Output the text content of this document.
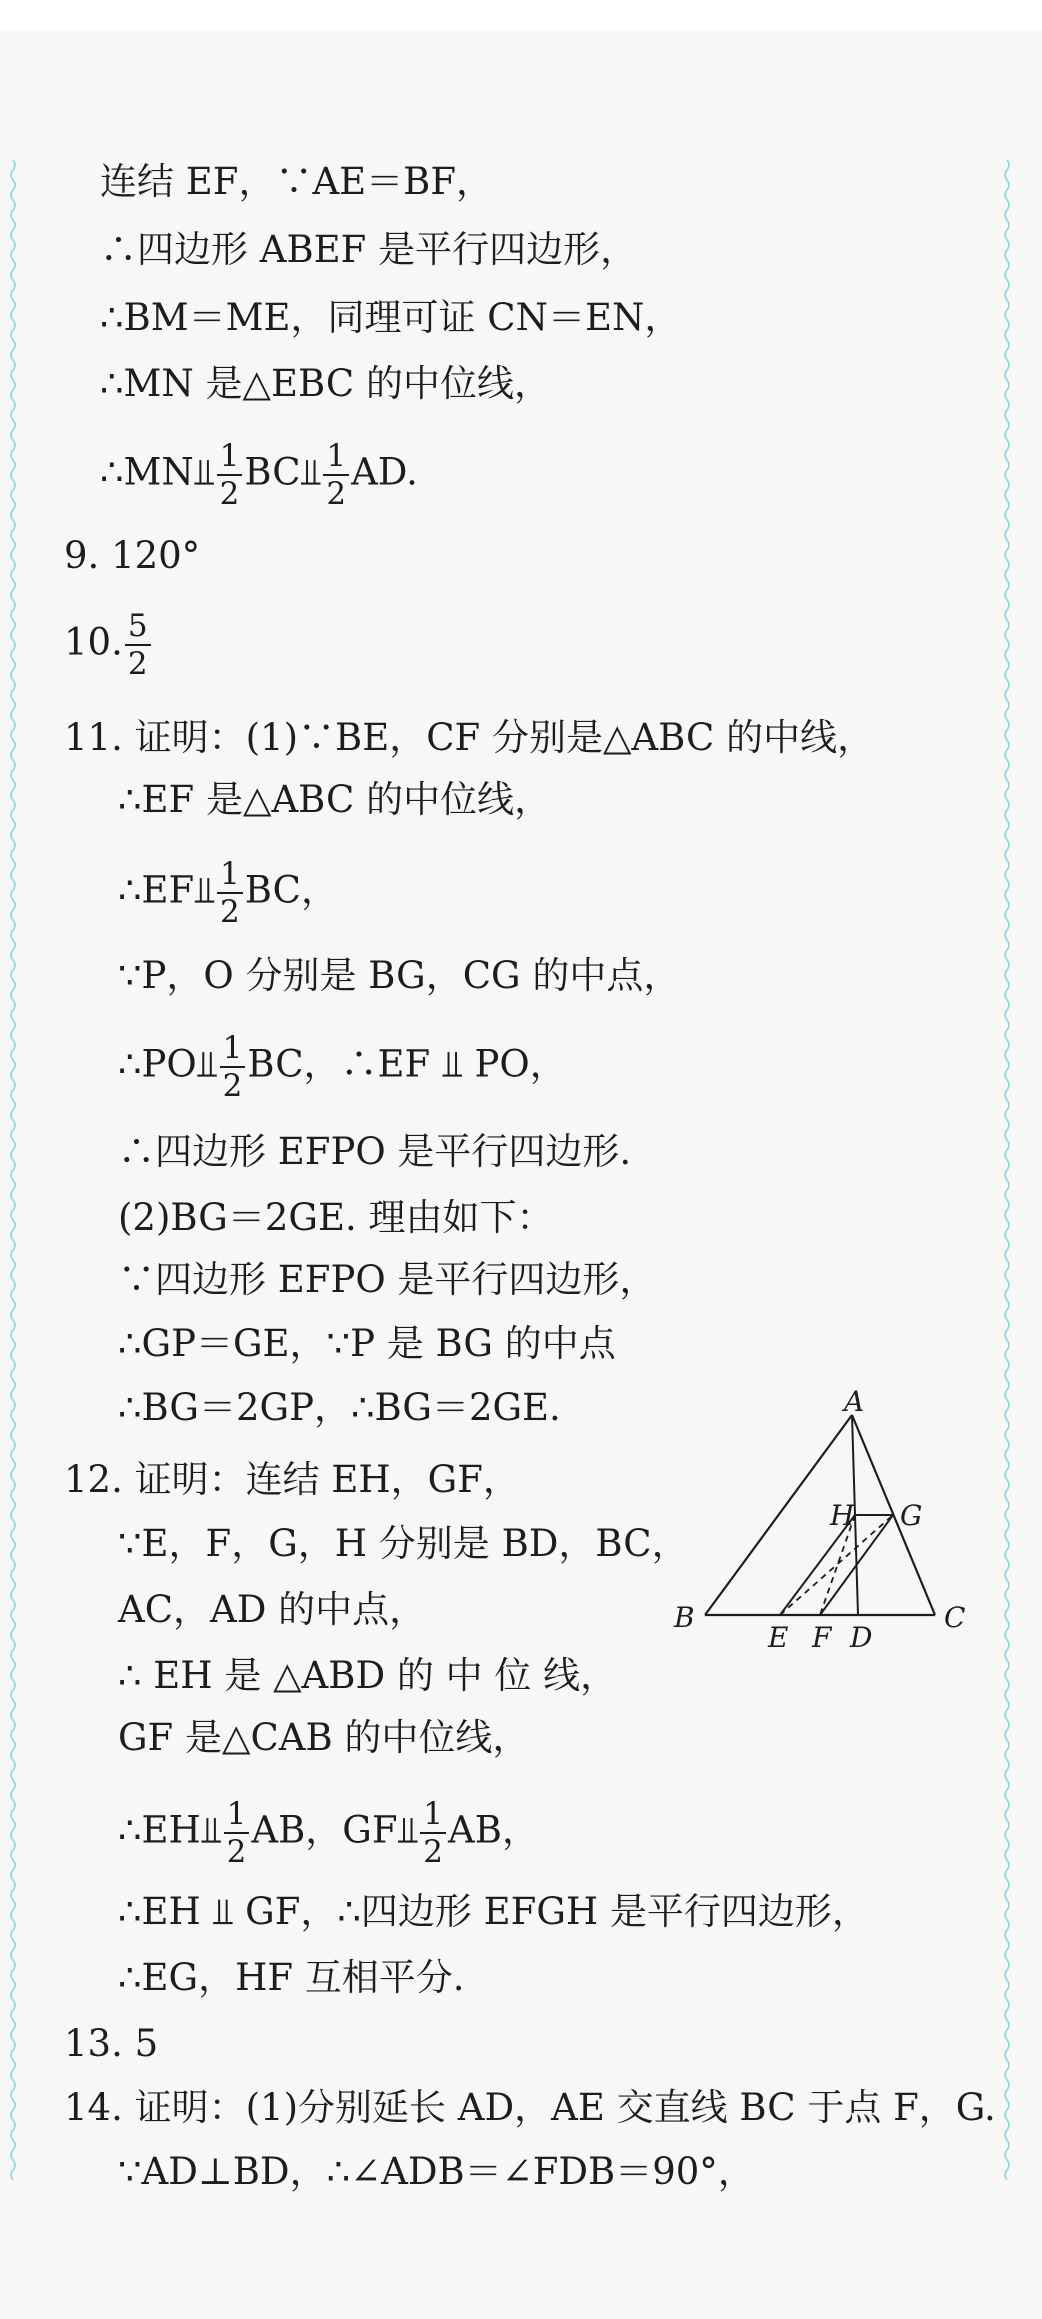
连结 EF，∵AE＝BF，
∴四边形 ABEF 是平行四边形，
∴BM＝ME，同理可证 CN＝EN，
∴MN 是△EBC 的中位线，
∴MN⫫ $\frac{1}{2}$ BC⫫ $\frac{1}{2}$ AD.
9. 120°
10. $\frac{5}{2}$
11. 证明：(1)∵BE，CF 分别是△ABC 的中线，
∴EF 是△ABC 的中位线，
∴EF⫫ $\frac{1}{2}$ BC，
∵P，O 分别是 BG，CG 的中点，
∴PO⫫ $\frac{1}{2}$ BC，∴EF ⫫ PO，
∴四边形 EFPO 是平行四边形.
(2)BG＝2GE. 理由如下：
∵四边形 EFPO 是平行四边形，
∴GP＝GE，∵P 是 BG 的中点
∴BG＝2GP，∴BG＝2GE.
12. 证明：连结 EH，GF，
∵E，F，G，H 分别是 BD，BC，
AC，AD 的中点，
∴ EH 是 △ABD 的 中 位 线，
GF 是△CAB 的中位线，
∴EH⫫ $\frac{1}{2}$ AB，GF⫫ $\frac{1}{2}$ AB，
∴EH ⫫ GF，∴四边形 EFGH 是平行四边形，
∴EG，HF 互相平分.
13. 5
14. 证明：(1)分别延长 AD，AE 交直线 BC 于点 F，G.
∵AD⊥BD，∴∠ADB＝∠FDB＝90°，
A
B	C
D
E F
G
H
